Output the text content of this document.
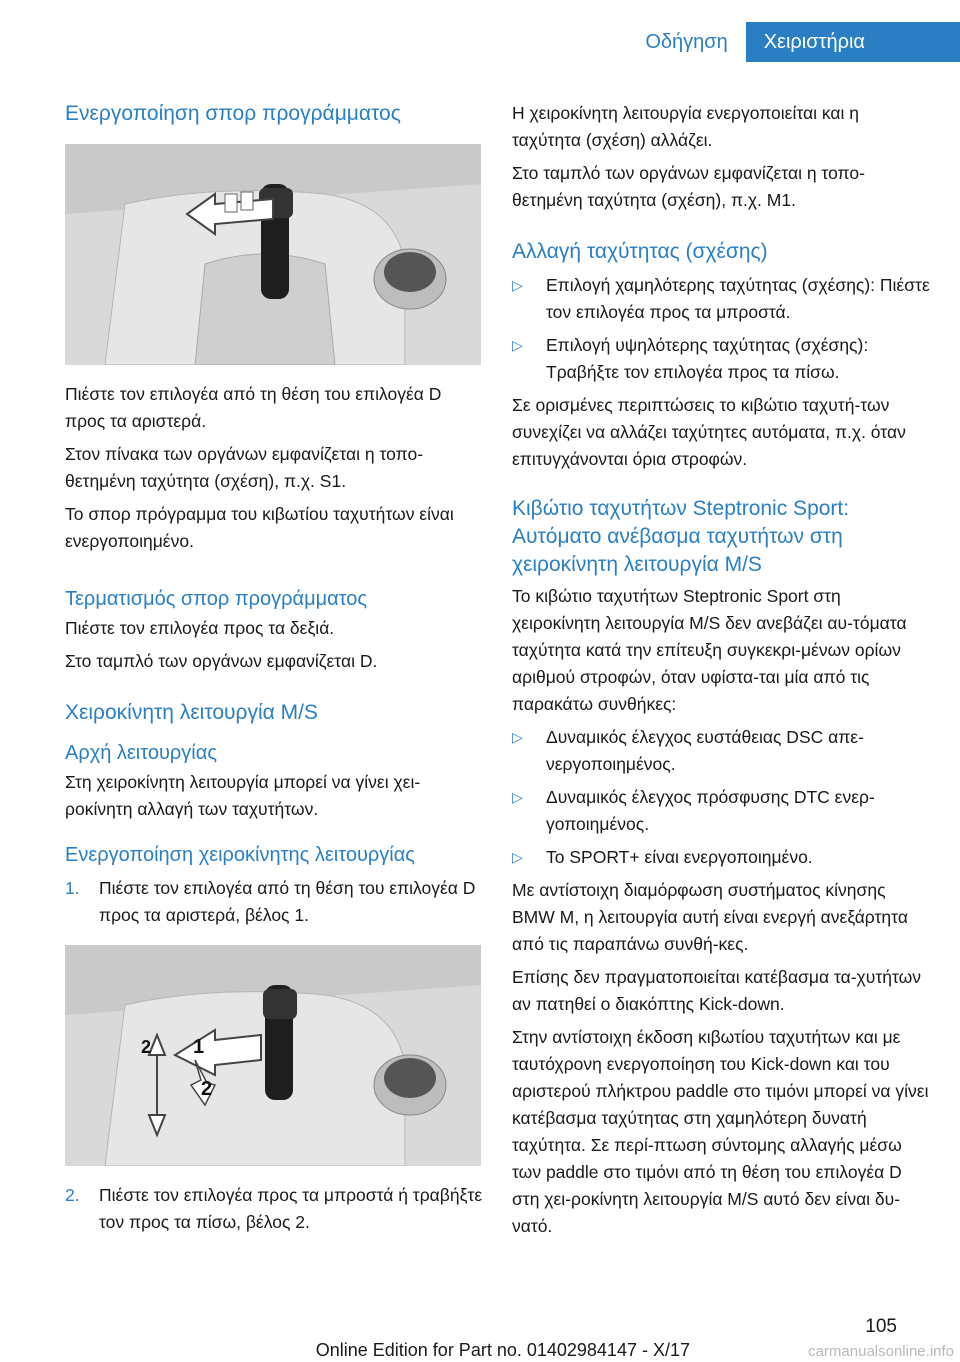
Οδήγηση	Χειριστήρια
Ενεργοποίηση σπορ προγράμματος

Πιέστε τον επιλογέα από τη θέση του επιλογέα D προς τα αριστερά.

Στον πίνακα των οργάνων εμφανίζεται η τοπο‐θετημένη ταχύτητα (σχέση), π.χ. S1.

Το σπορ πρόγραμμα του κιβωτίου ταχυτήτων είναι ενεργοποιημένο.

Τερματισμός σπορ προγράμματος

Πιέστε τον επιλογέα προς τα δεξιά.

Στο ταμπλό των οργάνων εμφανίζεται D.

Χειροκίνητη λειτουργία M/S
Αρχή λειτουργίας

Στη χειροκίνητη λειτουργία μπορεί να γίνει χει‐ροκίνητη αλλαγή των ταχυτήτων.

Ενεργοποίηση χειροκίνητης λειτουργίας
1.	Πιέστε τον επιλογέα από τη θέση του επιλογέα D προς τα αριστερά, βέλος 1.
1
2
2
2.	Πιέστε τον επιλογέα προς τα μπροστά ή τραβήξτε τον προς τα πίσω, βέλος 2.

Η χειροκίνητη λειτουργία ενεργοποιείται και η ταχύτητα (σχέση) αλλάζει.

Στο ταμπλό των οργάνων εμφανίζεται η τοπο‐θετημένη ταχύτητα (σχέση), π.χ. M1.

Αλλαγή ταχύτητας (σχέσης)
▷	Επιλογή χαμηλότερης ταχύτητας (σχέσης): Πιέστε τον επιλογέα προς τα μπροστά.
▷	Επιλογή υψηλότερης ταχύτητας (σχέσης): Τραβήξτε τον επιλογέα προς τα πίσω.

Σε ορισμένες περιπτώσεις το κιβώτιο ταχυτή‐των συνεχίζει να αλλάζει ταχύτητες αυτόματα, π.χ. όταν επιτυγχάνονται όρια στροφών.

Κιβώτιο ταχυτήτων Steptronic Sport: Αυτόματο ανέβασμα ταχυτήτων στη χειροκίνητη λειτουργία M/S

Το κιβώτιο ταχυτήτων Steptronic Sport στη χειροκίνητη λειτουργία M/S δεν ανεβάζει αυ‐τόματα ταχύτητα κατά την επίτευξη συγκεκρι‐μένων ορίων αριθμού στροφών, όταν υφίστα‐ται μία από τις παρακάτω συνθήκες:

▷	Δυναμικός έλεγχος ευστάθειας DSC απε‐νεργοποιημένος.
▷	Δυναμικός έλεγχος πρόσφυσης DTC ενερ‐γοποιημένος.
▷	Το SPORT+ είναι ενεργοποιημένο.

Με αντίστοιχη διαμόρφωση συστήματος κίνησης BMW M, η λειτουργία αυτή είναι ενεργή ανεξάρτητα από τις παραπάνω συνθή‐κες.

Επίσης δεν πραγματοποιείται κατέβασμα τα‐χυτήτων αν πατηθεί ο διακόπτης Kick-down.

Στην αντίστοιχη έκδοση κιβωτίου ταχυτήτων και με ταυτόχρονη ενεργοποίηση του Kick-down και του αριστερού πλήκτρου paddle στο τιμόνι μπορεί να γίνει κατέβασμα ταχύτητας στη χαμηλότερη δυνατή ταχύτητα. Σε περί‐πτωση σύντομης αλλαγής μέσω των paddle στο τιμόνι από τη θέση του επιλογέα D στη χει‐ροκίνητη λειτουργία M/S αυτό δεν είναι δυ‐νατό.

105
Online Edition for Part no. 01402984147 - X/17	carmanualsonline.info
